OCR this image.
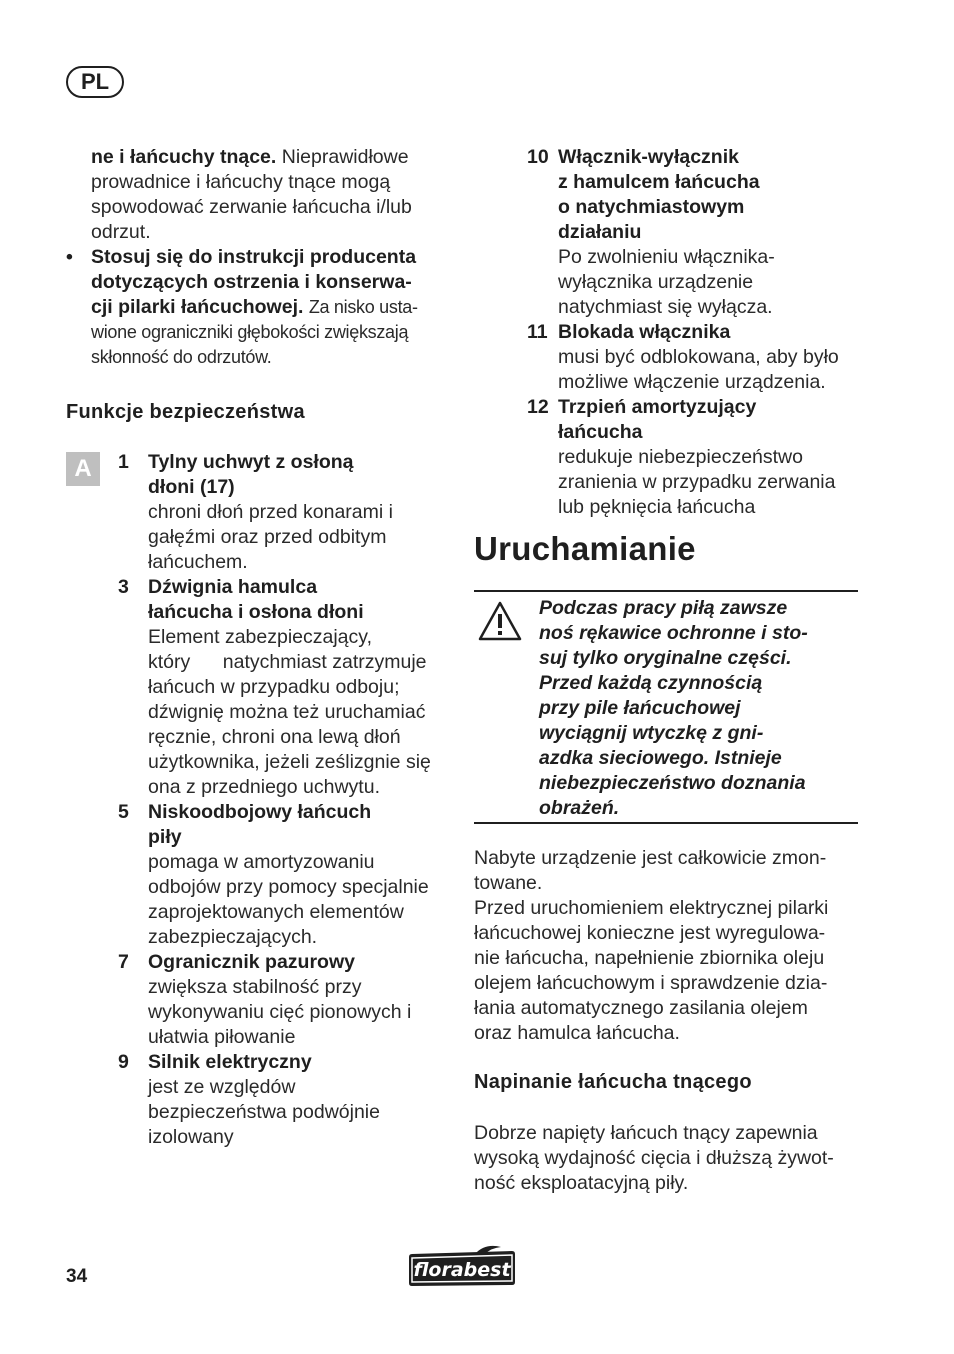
PL
ne i łańcuchy tnące. Nieprawidłowe
prowadnice i łańcuchy tnące mogą
spowodować zerwanie łańcucha i/lub
odrzut.
• Stosuj się do instrukcji producenta
dotyczących ostrzenia i konserwa-
cji pilarki łańcuchowej. Za nisko usta-
wione ograniczniki głębokości zwiększają
skłonność do odrzutów.

Funkcje bezpieczeństwa

1 Tylny uchwyt z osłoną
dłoni (17)
chroni dłoń przed konarami i
gałęźmi oraz przed odbitym
łańcuchem.
3 Dźwignia hamulca
łańcucha i osłona dłoni
Element zabezpieczający,
który      natychmiast zatrzymuje
łańcuch w przypadku odboju;
dźwignię można też uruchamiać
ręcznie, chroni ona lewą dłoń
użytkownika, jeżeli ześlizgnie się
ona z przedniego uchwytu.
5 Niskoodbojowy łańcuch
piły
pomaga w amortyzowaniu
odbojów przy pomocy specjalnie
zaprojektowanych elementów
zabezpieczających.
7 Ogranicznik pazurowy
zwiększa stabilność przy
wykonywaniu cięć pionowych i
ułatwia piłowanie
9 Silnik elektryczny
jest ze względów
bezpieczeństwa podwójnie
izolowany
A
10 Włącznik-wyłącznik
z hamulcem łańcucha
o natychmiastowym
działaniu
Po zwolnieniu włącznika-
wyłącznika urządzenie
natychmiast się wyłącza.
11 Blokada włącznika
musi być odblokowana, aby było
możliwe włączenie urządzenia.
12 Trzpień amortyzujący
łańcucha
redukuje niebezpieczeństwo
zranienia w przypadku zerwania
lub pęknięcia łańcucha

Uruchamianie

Podczas pracy piłą zawsze
noś rękawice ochronne i sto-
suj tylko oryginalne części.
Przed każdą czynnością
przy pile łańcuchowej
wyciągnij wtyczkę z gni-
azdka sieciowego. Istnieje
niebezpieczeństwo doznania
obrażeń.
Nabyte urządzenie jest całkowicie zmon-
towane.
Przed uruchomieniem elektrycznej pilarki
łańcuchowej konieczne jest wyregulowa-
nie łańcucha, napełnienie zbiornika oleju
olejem łańcuchowym i sprawdzenie dzia-
łania automatycznego zasilania olejem
oraz hamulca łańcucha.

Napinanie łańcucha tnącego

Dobrze napięty łańcuch tnący zapewnia
wysoką wydajność cięcia i dłuższą żywot-
ność eksploatacyjną piły.
34	florabest
